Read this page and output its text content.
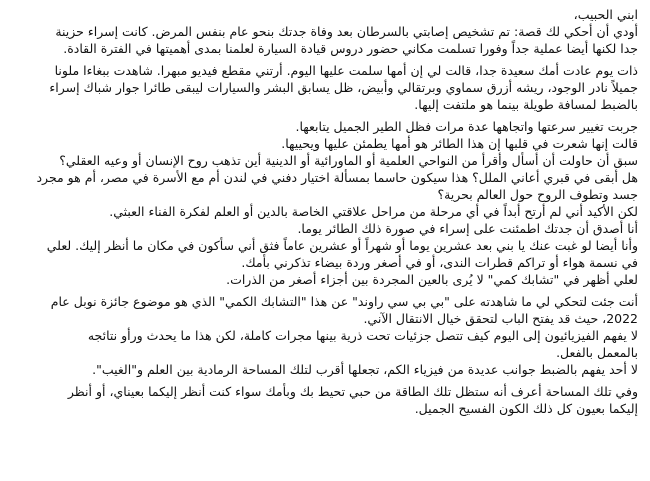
ابني الحبيب،
أودي أن أحكي لك قصة: تم تشخيص إصابتي بالسرطان بعد وفاة جدتك بنحو عام بنفس المرض. كانت إسراء حزينة
جدا لكنها أيضا عملية جداً وفورا تسلمت مكاني حضور دروس قيادة السيارة لعلمنا بمدى أهميتها في الفترة القادة.
ذات يوم عادت أمك سعيدة جدا، قالت لي إن أمها سلمت عليها اليوم. أرتني مقطع فيديو مبهرا. شاهدت ببغاءا ملونا
جميلاً نادر الوجود، ريشه أزرق سماوي وبرتقالي وأبيض، ظل يسابق البشر والسيارات ليبقى طائرا جوار شباك إسراء
بالضبط لمسافة طويلة بينما هو ملتفت إليها.
جربت تغيير سرعتها واتجاهها عدة مرات فظل الطير الجميل يتابعها.
قالت إنها شعرت في قلبها إن هذا الطائر هو أمها يطمئن عليها ويحييها.
سبق أن حاولت أن أسأل وأقرأ من النواحي العلمية أو الماورائية أو الدينية أين تذهب روح الإنسان أو وعيه العقلي؟
هل أبقى في قبري أعاني الملل؟ هذا سيكون حاسما بمسألة اختيار دفني في لندن أم مع الأسرة في مصر، أم هو مجرد
جسد وتطوف الروح حول العالم بحرية؟
لكن الأكيد أني لم أرتح أبداً في أي مرحلة من مراحل علاقتي الخاصة بالدين أو العلم لفكرة الفناء العبثي.
أنا أصدق أن جدتك اطمئنت على إسراء في صورة ذلك الطائر يوما.
وأنا أيضا لو غبت عنك يا بني بعد عشرين يوما أو شهراً أو عشرين عاماً فثق أني سأكون في مكان ما أنظر إليك. لعلي
في نسمة هواء أو تراكم قطرات الندى، أو في أصغر وردة بيضاء تذكرني بأمك.
لعلي أظهر في "تشابك كمي" لا يُرى بالعين المجردة بين أجزاء أصغر من الذرات.
أنت جئت لتحكي لي ما شاهدته على "بي بي سي راوند" عن هذا "التشابك الكمي" الذي هو موضوع جائزة نوبل عام
2022، حيث قد يفتح الباب لتحقق خيال الانتقال الآني.
لا يفهم الفيزيائيون إلى اليوم كيف تتصل جزئيات تحت ذرية بينها مجرات كاملة، لكن هذا ما يحدث ورأو نتائجه
بالمعمل بالفعل.
لا أحد يفهم بالضبط جوانب عديدة من فيزياء الكم، تجعلها أقرب لتلك المساحة الرمادية بين العلم و"الغيب".
وفي تلك المساحة أعرف أنه ستظل تلك الطاقة من حبي تحيط بك وبأمك سواء كنت أنظر إليكما بعيناي، أو أنظر
إليكما بعيون كل ذلك الكون الفسيح الجميل.
